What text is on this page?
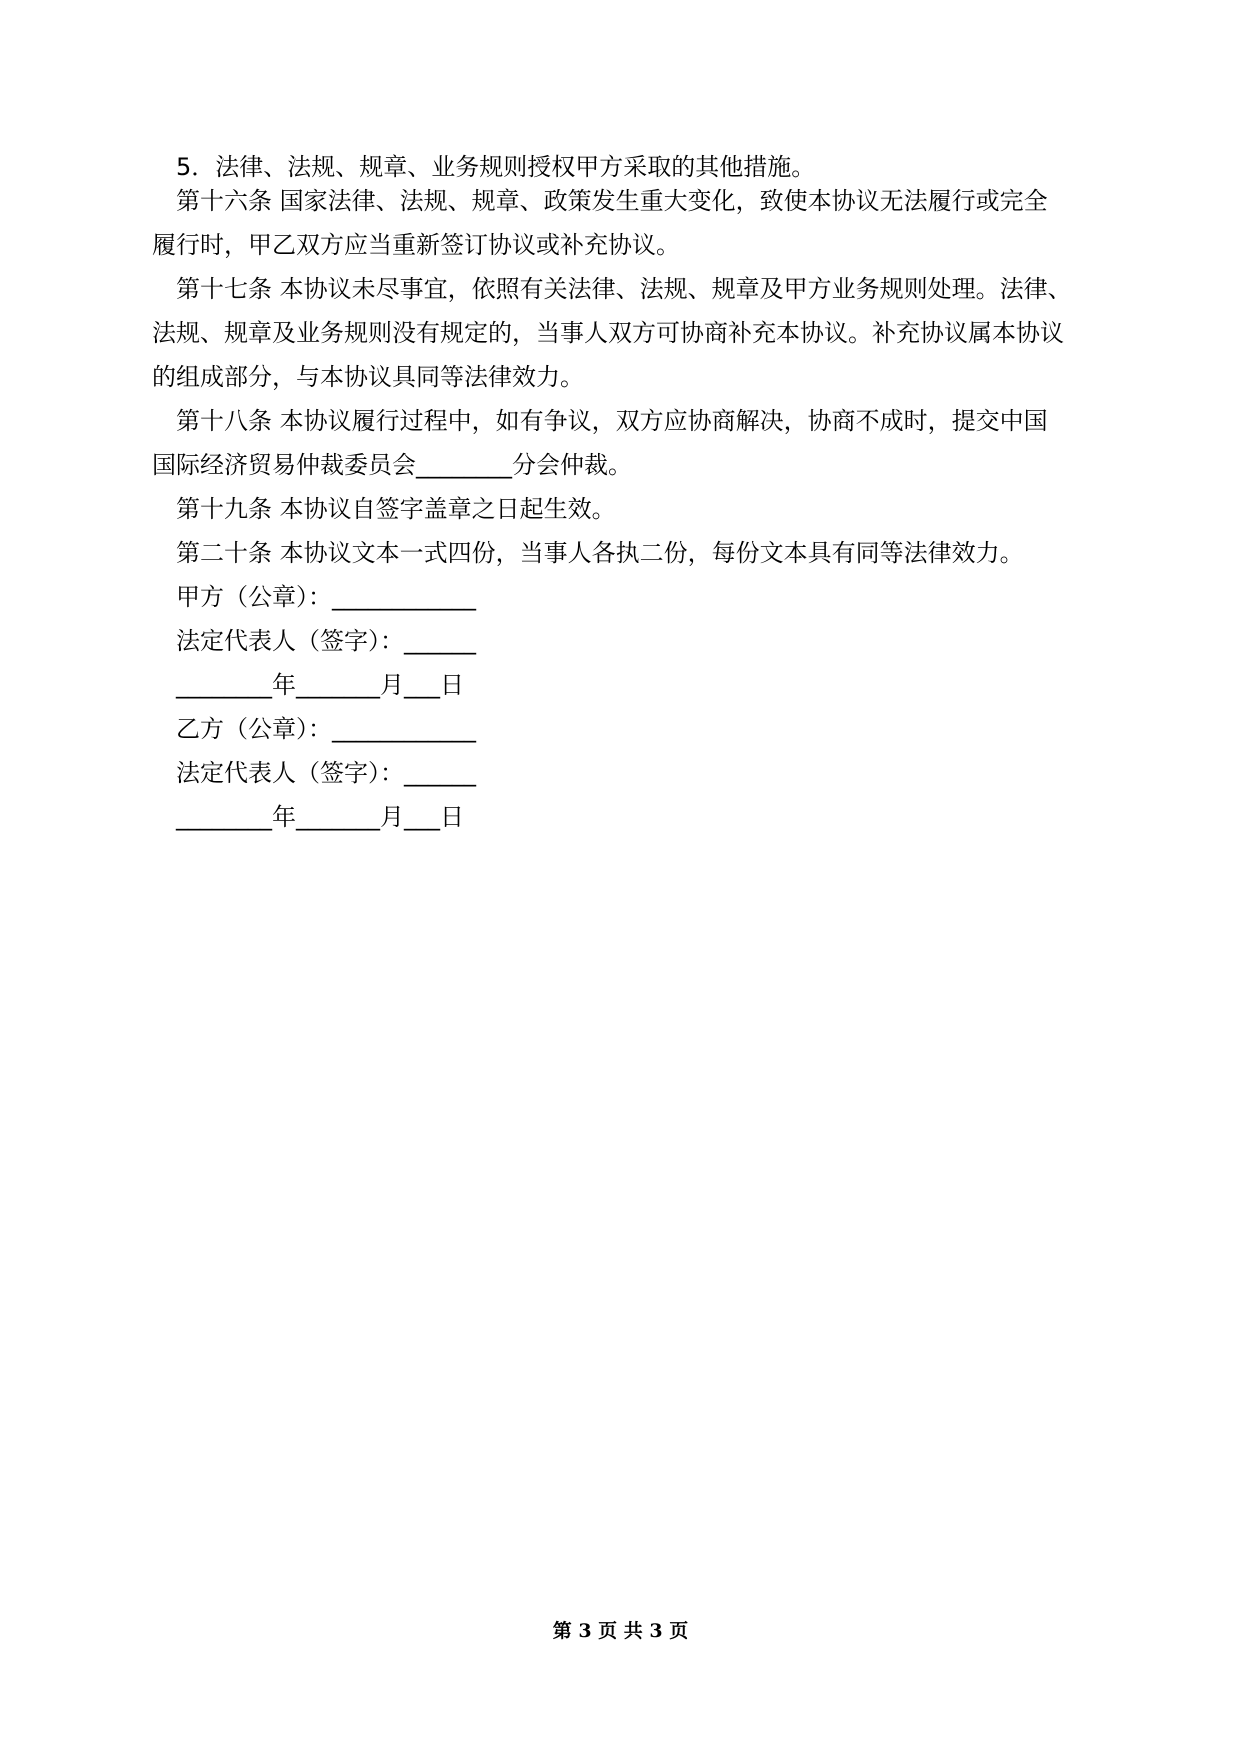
5．法律、法规、规章、业务规则授权甲方采取的其他措施。
第十六条 国家法律、法规、规章、政策发生重大变化，致使本协议无法履行或完全
履行时，甲乙双方应当重新签订协议或补充协议。
第十七条 本协议未尽事宜，依照有关法律、法规、规章及甲方业务规则处理。法律、
法规、规章及业务规则没有规定的，当事人双方可协商补充本协议。补充协议属本协议
的组成部分，与本协议具同等法律效力。
第十八条 本协议履行过程中，如有争议，双方应协商解决，协商不成时，提交中国
国际经济贸易仲裁委员会________分会仲裁。
第十九条 本协议自签字盖章之日起生效。
第二十条 本协议文本一式四份，当事人各执二份，每份文本具有同等法律效力。
甲方（公章）：____________
法定代表人（签字）：______
________年_______月___日
乙方（公章）：____________
法定代表人（签字）：______
________年_______月___日
第 3 页 共 3 页
